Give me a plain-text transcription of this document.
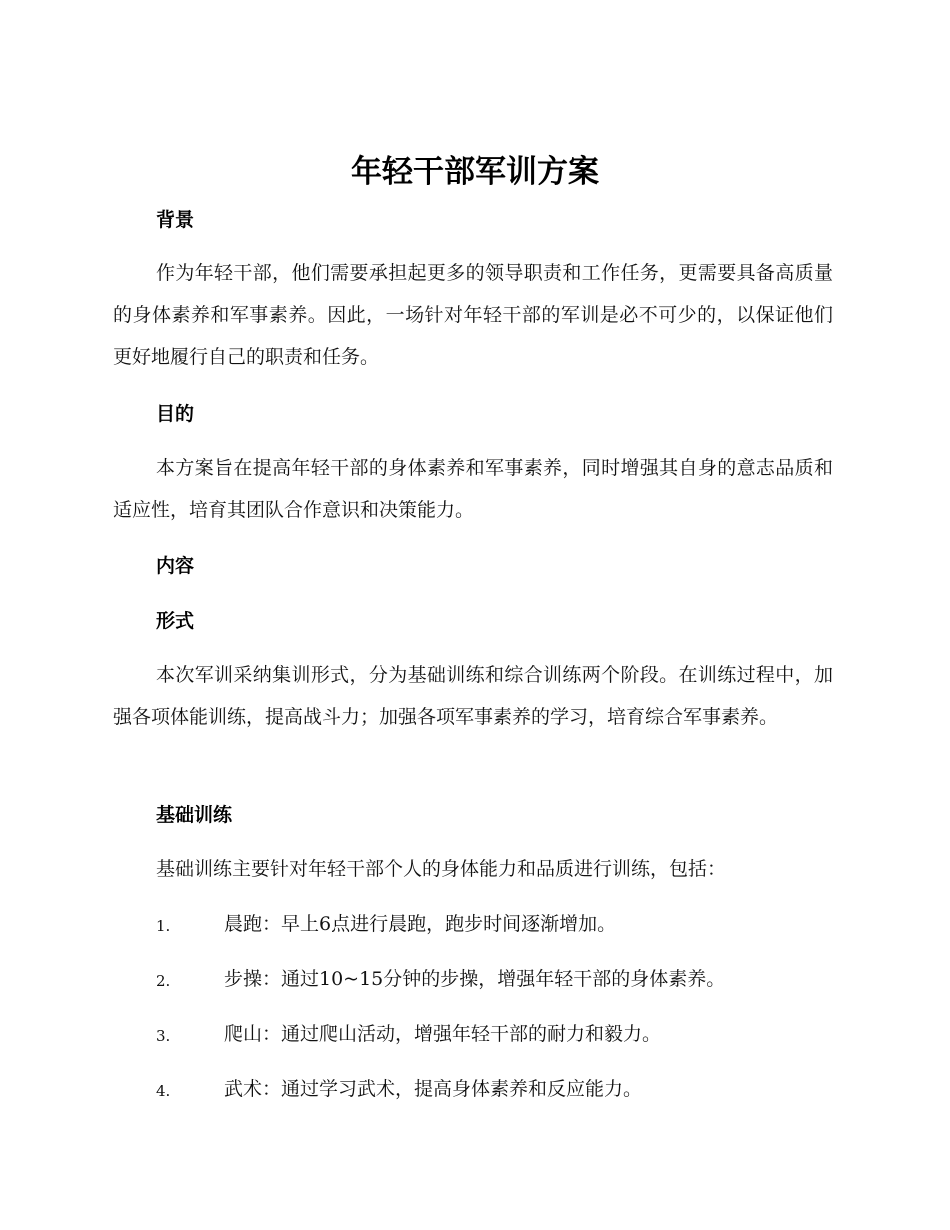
年轻干部军训方案
背景

作为年轻干部，他们需要承担起更多的领导职责和工作任务，更需要具备高质量的身体素养和军事素养。因此，一场针对年轻干部的军训是必不可少的，以保证他们更好地履行自己的职责和任务。

目的

本方案旨在提高年轻干部的身体素养和军事素养，同时增强其自身的意志品质和适应性，培育其团队合作意识和决策能力。

内容
形式

本次军训采纳集训形式，分为基础训练和综合训练两个阶段。在训练过程中，加强各项体能训练，提高战斗力；加强各项军事素养的学习，培育综合军事素养。

基础训练

基础训练主要针对年轻干部个人的身体能力和品质进行训练，包括：

1.	晨跑：早上6点进行晨跑，跑步时间逐渐增加。
2.	步操：通过10~15分钟的步操，增强年轻干部的身体素养。
3.	爬山：通过爬山活动，增强年轻干部的耐力和毅力。
4.	武术：通过学习武术，提高身体素养和反应能力。
